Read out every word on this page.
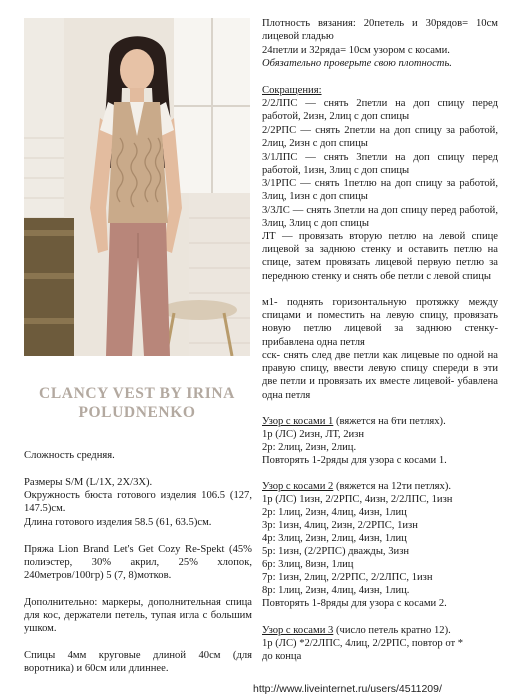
CLANCY VEST BY IRINA
POLUDNENKO

Сложность средняя.

Размеры S/M (L/1X, 2X/3X).

Окружность бюста готового изделия 106.5 (127, 147.5)см.

Длина готового изделия 58.5 (61, 63.5)см.

Пряжа Lion Brand Let's Get Cozy Re-Spekt (45% полиэстер, 30% акрил, 25% хлопок, 240метров/100гр) 5 (7, 8)мотков.

Дополнительно: маркеры, дополнительная спица для кос, держатели петель, тупая игла с большим ушком.

Спицы 4мм круговые длиной 40см (для воротника) и 60см или длиннее.

Плотность вязания: 20петель и 30рядов= 10см лицевой гладью

24петли и 32ряда= 10см узором с косами.

Обязательно проверьте свою плотность.

Сокращения:

2/2ЛПС — снять 2петли на доп спицу перед работой, 2изн, 2лиц с доп спицы

2/2РПС — снять 2петли на доп спицу за работой, 2лиц, 2изн с доп спицы

3/1ЛПС — снять 3петли на доп спицу перед работой, 1изн, 3лиц с доп спицы

3/1РПС — снять 1петлю на доп спицу за работой, 3лиц, 1изн с доп спицы

3/3ЛС — снять 3петли на доп спицу перед работой, 3лиц, 3лиц с доп спицы

ЛТ — провязать вторую петлю на левой спице лицевой за заднюю стенку и оставить петлю на спице, затем провязать лицевой первую петлю за переднюю стенку и снять обе петли с левой спицы

м1- поднять горизонтальную протяжку между спицами и поместить на левую спицу, провязать новую петлю лицевой за заднюю стенку- прибавлена одна петля

сск- снять след две петли как лицевые по одной на правую спицу, ввести левую спицу спереди в эти две петли и провязать их вместе лицевой- убавлена одна петля

Узор с косами 1 (вяжется на 6ти петлях).

1р (ЛС) 2изн, ЛТ, 2изн

2р: 2лиц, 2изн, 2лиц.

Повторять 1-2ряды для узора с косами 1.

Узор с косами 2 (вяжется на 12ти петлях).

1р (ЛС) 1изн, 2/2РПС, 4изн, 2/2ЛПС, 1изн

2р: 1лиц, 2изн, 4лиц, 4изн, 1лиц

3р: 1изн, 4лиц, 2изн, 2/2РПС, 1изн

4р: 3лиц, 2изн, 2лиц, 4изн, 1лиц

5р: 1изн, (2/2РПС) дважды, 3изн

6р: 3лиц, 8изн, 1лиц

7р: 1изн, 2лиц, 2/2РПС, 2/2ЛПС, 1изн

8р: 1лиц, 2изн, 4лиц, 4изн, 1лиц.

Повторять 1-8ряды для узора с косами 2.

Узор с косами 3 (число петель кратно 12).

1р (ЛС) *2/2ЛПС, 4лиц, 2/2РПС, повтор от *

до конца

http://www.liveinternet.ru/users/4511209/
